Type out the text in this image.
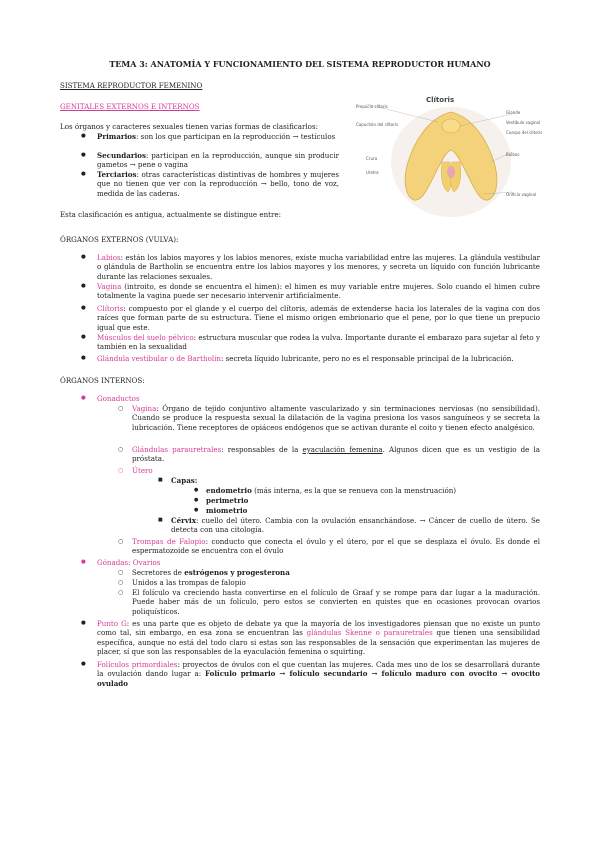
TEMA 3: ANATOMÍA Y FUNCIONAMIENTO DEL SISTEMA REPRODUCTOR HUMANO
SISTEMA REPRODUCTOR FEMENINO
GENITALES EXTERNOS E INTERNOS
Los órganos y caracteres sexuales tienen varias formas de clasificarlos:
● Primarios: son los que participan en la reproducción → testículos
● Secundarios: participan en la reproducción, aunque sin producir gametos → pene o vagina
● Terciarios: otras características distintivas de hombres y mujeres que no tienen que ver con la reproducción → bello, tono de voz, medida de las caderas.
Esta clasificación es antigua, actualmente se distingue entre:
Clítoris
Prepucio clítoris
Glande
Capuchón del clítoris	Vestíbulo vaginal
Cuerpo del clítoris
Crura
Bulbos
Uretra
Orificio vaginal
ÓRGANOS EXTERNOS (VULVA):
● Labios: están los labios mayores y los labios menores, existe mucha variabilidad entre las mujeres. La glándula vestibular o glándula de Bartholin se encuentra entre los labios mayores y los menores, y secreta un líquido con función lubricante durante las relaciones sexuales.
● Vagina (introito, es donde se encuentra el himen): el himen es muy variable entre mujeres. Solo cuando el himen cubre totalmente la vagina puede ser necesario intervenir artificialmente.
● Clítoris: compuesto por el glande y el cuerpo del clítoris, además de extenderse hacia los laterales de la vagina con dos raíces que forman parte de su estructura. Tiene el mismo origen embrionario que el pene, por lo que tiene un prepucio igual que este.
● Músculos del suelo pélvico: estructura muscular que rodea la vulva. Importante durante el embarazo para sujetar al feto y también en la sexualidad
● Glándula vestibular o de Bartholin: secreta líquido lubricante, pero no es el responsable principal de la lubricación.
ÓRGANOS INTERNOS:
● Gonaductos
○ Vagina: Órgano de tejido conjuntivo altamente vascularizado y sin terminaciones nerviosas (no sensibilidad). Cuando se produce la respuesta sexual la dilatación de la vagina presiona los vasos sanguíneos y se secreta la lubricación. Tiene receptores de opiáceos endógenos que se activan durante el coito y tienen efecto analgésico.
○ Glándulas parauretrales: responsables de la eyaculación femenina. Algunos dicen que es un vestigio de la próstata.
○ Útero
■ Capas:
● endometrio (más interna, es la que se renueva con la menstruación)
● perimetrio
● miometrio
■ Cérvix: cuello del útero. Cambia con la ovulación ensanchándose. → Cáncer de cuello de útero. Se detecta con una citología.
○ Trompas de Falopio: conducto que conecta el óvulo y el útero, por el que se desplaza el óvulo. Es donde el espermatozoide se encuentra con el óvulo
● Gónadas: Ovarios
○ Secretores de estrógenos y progesterona
○ Unidos a las trompas de falopio
○ El folículo va creciendo hasta convertirse en el folículo de Graaf y se rompe para dar lugar a la maduración. Puede haber más de un folículo, pero estos se convierten en quistes que en ocasiones provocan ovarios poliquísticos.
● Punto G: es una parte que es objeto de debate ya que la mayoría de los investigadores piensan que no existe un punto como tal, sin embargo, en esa zona se encuentran las glándulas Skenne o parauretrales que tienen una sensibilidad específica, aunque no está del todo claro si estas son las responsables de la sensación que experimentan las mujeres de placer, sí que son las responsables de la eyaculación femenina o squirting.
● Folículos primordiales: proyectos de óvulos con el que cuentan las mujeres. Cada mes uno de los se desarrollará durante la ovulación dando lugar a: Folículo primario → folículo secundario → folículo maduro con ovocito → ovocito ovulado
